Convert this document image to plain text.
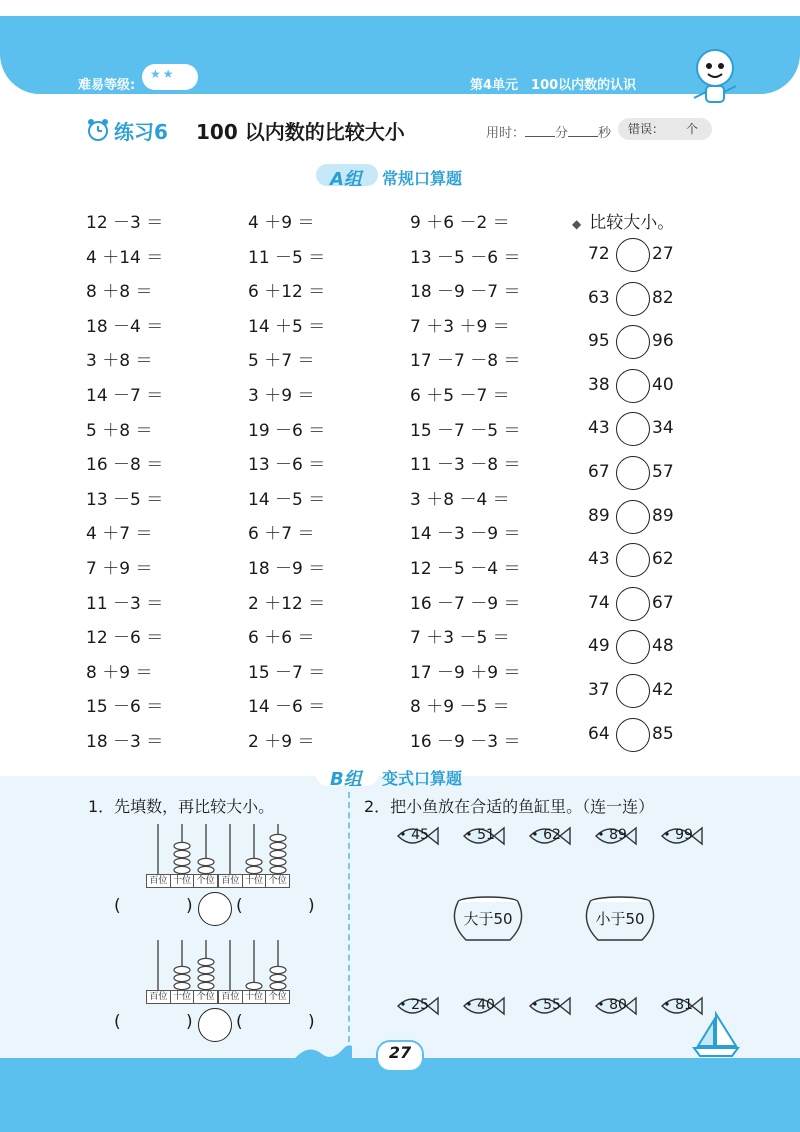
难易等级:
★★
第4单元　100以内数的认识
练习6 100 以内数的比较大小	用时： 分 秒 错误： 个
A组 常规口算题
12 －3 ＝
4 ＋14 ＝
8 ＋8 ＝
18 －4 ＝
3 ＋8 ＝
14 －7 ＝
5 ＋8 ＝
16 －8 ＝
13 －5 ＝
4 ＋7 ＝
7 ＋9 ＝
11 －3 ＝
12 －6 ＝
8 ＋9 ＝
15 －6 ＝
18 －3 ＝
4 ＋9 ＝
11 －5 ＝
6 ＋12 ＝
14 ＋5 ＝
5 ＋7 ＝
3 ＋9 ＝
19 －6 ＝
13 －6 ＝
14 －5 ＝
6 ＋7 ＝
18 －9 ＝
2 ＋12 ＝
6 ＋6 ＝
15 －7 ＝
14 －6 ＝
2 ＋9 ＝
9 ＋6 －2 ＝
13 －5 －6 ＝
18 －9 －7 ＝
7 ＋3 ＋9 ＝
17 －7 －8 ＝
6 ＋5 －7 ＝
15 －7 －5 ＝
11 －3 －8 ＝
3 ＋8 －4 ＝
14 －3 －9 ＝
12 －5 －4 ＝
16 －7 －9 ＝
7 ＋3 －5 ＝
17 －9 ＋9 ＝
8 ＋9 －5 ＝
16 －9 －3 ＝
◆ 比较大小。
72 27
63 82
95 96
38 40
43 34
67 57
89 89
43 62
74 67
49 48
37 42
64 85
B组 变式口算题
1．先填数，再比较大小。	2．把小鱼放在合适的鱼缸里。（连一连）
百位 十位 个位 百位 十位 个位
(	)	(	)
百位 十位 个位 百位 十位 个位
(	)	(	)
45	51	62	89	99
25	40	55	80	81
大于50	小于50
27
